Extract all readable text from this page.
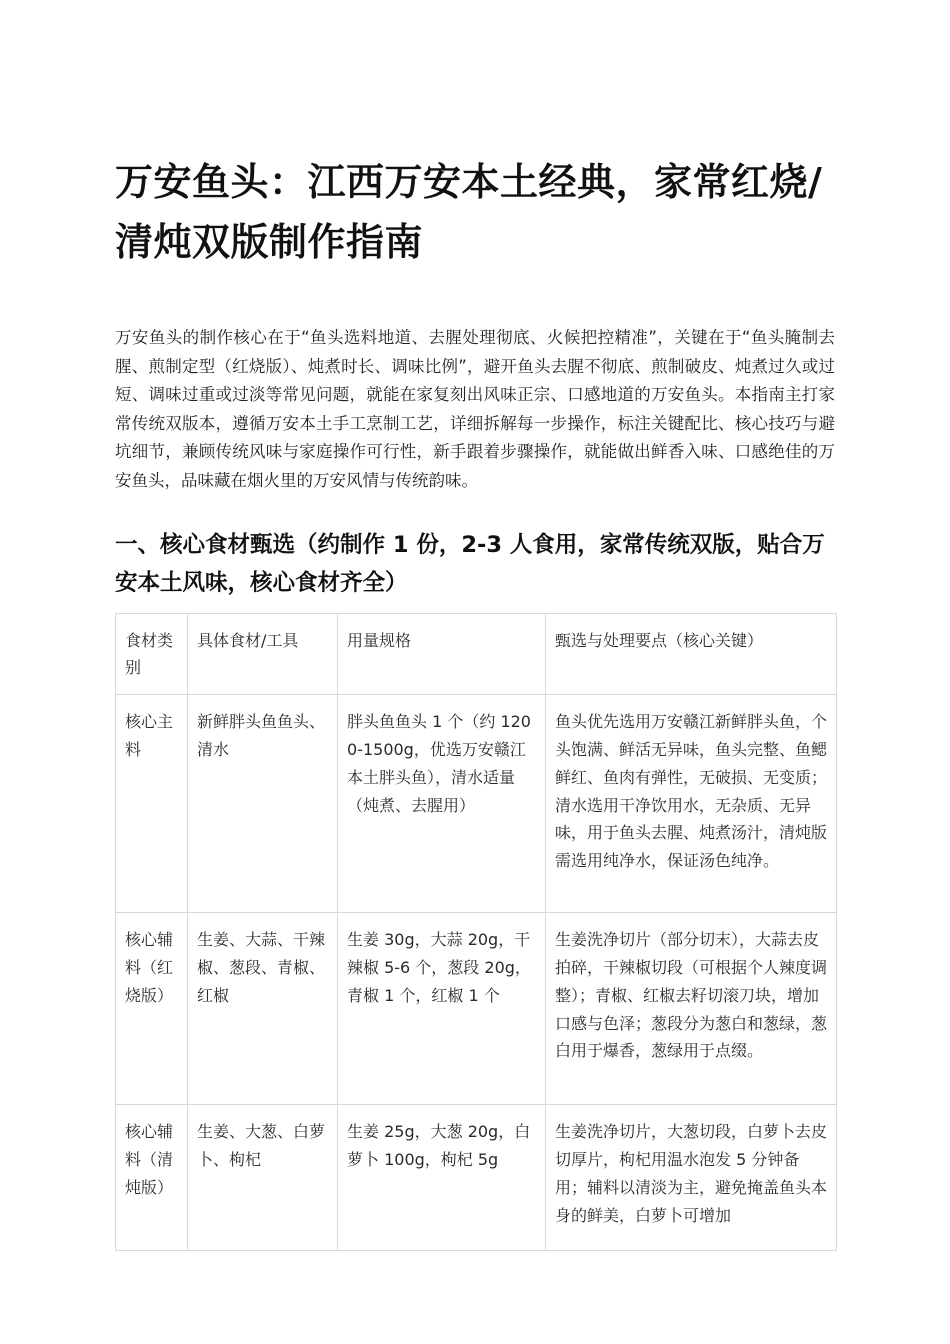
万安鱼头：江西万安本土经典，家常红烧/清炖双版制作指南

万安鱼头的制作核心在于“鱼头选料地道、去腥处理彻底、火候把控精准”，关键在于“鱼头腌制去腥、煎制定型（红烧版）、炖煮时长、调味比例”，避开鱼头去腥不彻底、煎制破皮、炖煮过久或过短、调味过重或过淡等常见问题，就能在家复刻出风味正宗、口感地道的万安鱼头。本指南主打家常传统双版本，遵循万安本土手工烹制工艺，详细拆解每一步操作，标注关键配比、核心技巧与避坑细节，兼顾传统风味与家庭操作可行性，新手跟着步骤操作，就能做出鲜香入味、口感绝佳的万安鱼头，品味藏在烟火里的万安风情与传统韵味。

一、核心食材甄选（约制作 1 份，2-3 人食用，家常传统双版，贴合万安本土风味，核心食材齐全）
食材类别	具体食材/工具	用量规格	甄选与处理要点（核心关键）
核心主料	新鲜胖头鱼鱼头、清水	胖头鱼鱼头 1 个（约 1200-1500g，优选万安赣江本土胖头鱼），清水适量（炖煮、去腥用）	鱼头优先选用万安赣江新鲜胖头鱼，个头饱满、鲜活无异味，鱼头完整、鱼鳃鲜红、鱼肉有弹性，无破损、无变质；清水选用干净饮用水，无杂质、无异味，用于鱼头去腥、炖煮汤汁，清炖版需选用纯净水，保证汤色纯净。
核心辅料（红烧版）	生姜、大蒜、干辣椒、葱段、青椒、红椒	生姜 30g，大蒜 20g，干辣椒 5-6 个，葱段 20g，青椒 1 个，红椒 1 个	生姜洗净切片（部分切末），大蒜去皮拍碎，干辣椒切段（可根据个人辣度调整）；青椒、红椒去籽切滚刀块，增加口感与色泽；葱段分为葱白和葱绿，葱白用于爆香，葱绿用于点缀。
核心辅料（清炖版）	生姜、大葱、白萝卜、枸杞	生姜 25g，大葱 20g，白萝卜 100g，枸杞 5g	生姜洗净切片，大葱切段，白萝卜去皮切厚片，枸杞用温水泡发 5 分钟备用；辅料以清淡为主，避免掩盖鱼头本身的鲜美，白萝卜可增加
